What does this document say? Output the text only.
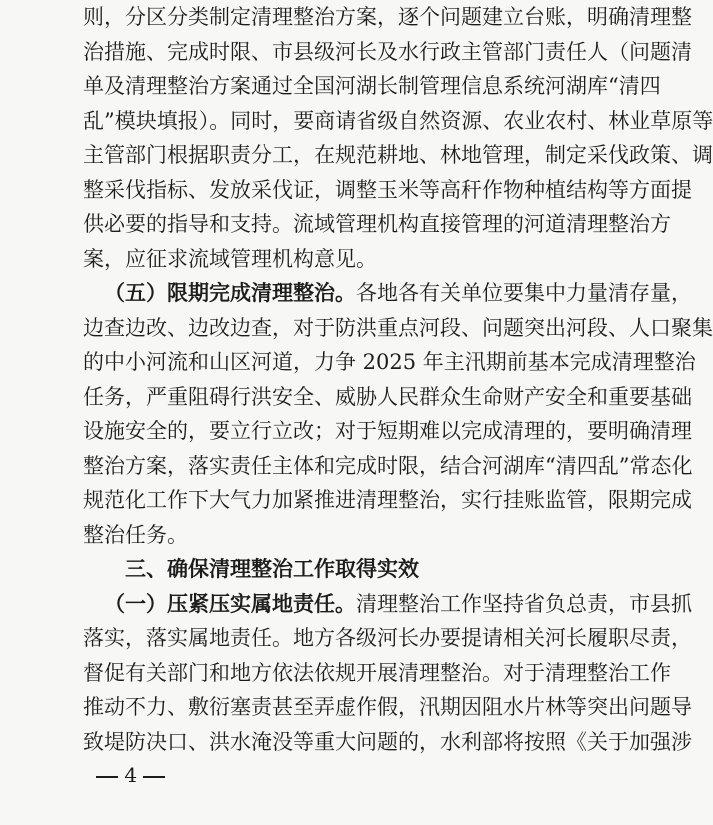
则，分区分类制定清理整治方案，逐个问题建立台账，明确清理整
治措施、完成时限、市县级河长及水行政主管部门责任人（问题清
单及清理整治方案通过全国河湖长制管理信息系统河湖库“清四
乱”模块填报）。同时，要商请省级自然资源、农业农村、林业草原等
主管部门根据职责分工，在规范耕地、林地管理，制定采伐政策、调
整采伐指标、发放采伐证，调整玉米等高秆作物种植结构等方面提
供必要的指导和支持。流域管理机构直接管理的河道清理整治方
案，应征求流域管理机构意见。
（五）限期完成清理整治。各地各有关单位要集中力量清存量，
边查边改、边改边查，对于防洪重点河段、问题突出河段、人口聚集
的中小河流和山区河道，力争 2025 年主汛期前基本完成清理整治
任务，严重阻碍行洪安全、威胁人民群众生命财产安全和重要基础
设施安全的，要立行立改；对于短期难以完成清理的，要明确清理
整治方案，落实责任主体和完成时限，结合河湖库“清四乱”常态化
规范化工作下大气力加紧推进清理整治，实行挂账监管，限期完成
整治任务。
三、确保清理整治工作取得实效
（一）压紧压实属地责任。清理整治工作坚持省负总责，市县抓
落实，落实属地责任。地方各级河长办要提请相关河长履职尽责，
督促有关部门和地方依法依规开展清理整治。对于清理整治工作
推动不力、敷衍塞责甚至弄虚作假，汛期因阻水片林等突出问题导
致堤防决口、洪水淹没等重大问题的，水利部将按照《关于加强涉
4
